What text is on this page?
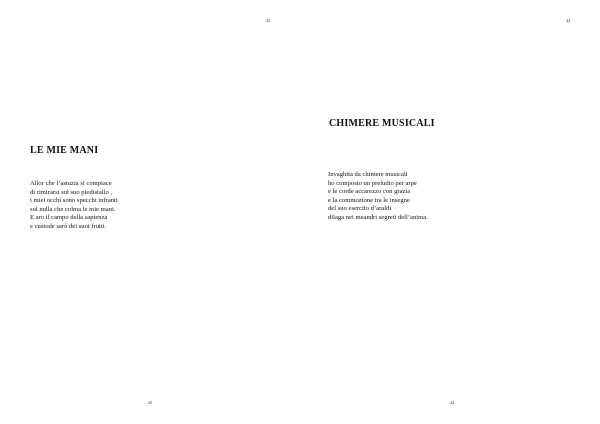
43
LE MIE MANI
Allor che l’astuzia si compiace
di rimirarsi sul suo piedistallo ,
i miei occhi sono specchi infranti
sul nulla che colma le mie mani.
E aro il campo della sapienza
e custode sarò dei suoi frutti.
43
44
CHIMERE MUSICALI
Invaghita da chimere musicali
ho composto un preludio per arpe
e le corde accarezzo con grazia
e la commozione tra le insegne
del suo esercito d’araldi
dilaga nei meandri segreti dell’anima.
44
